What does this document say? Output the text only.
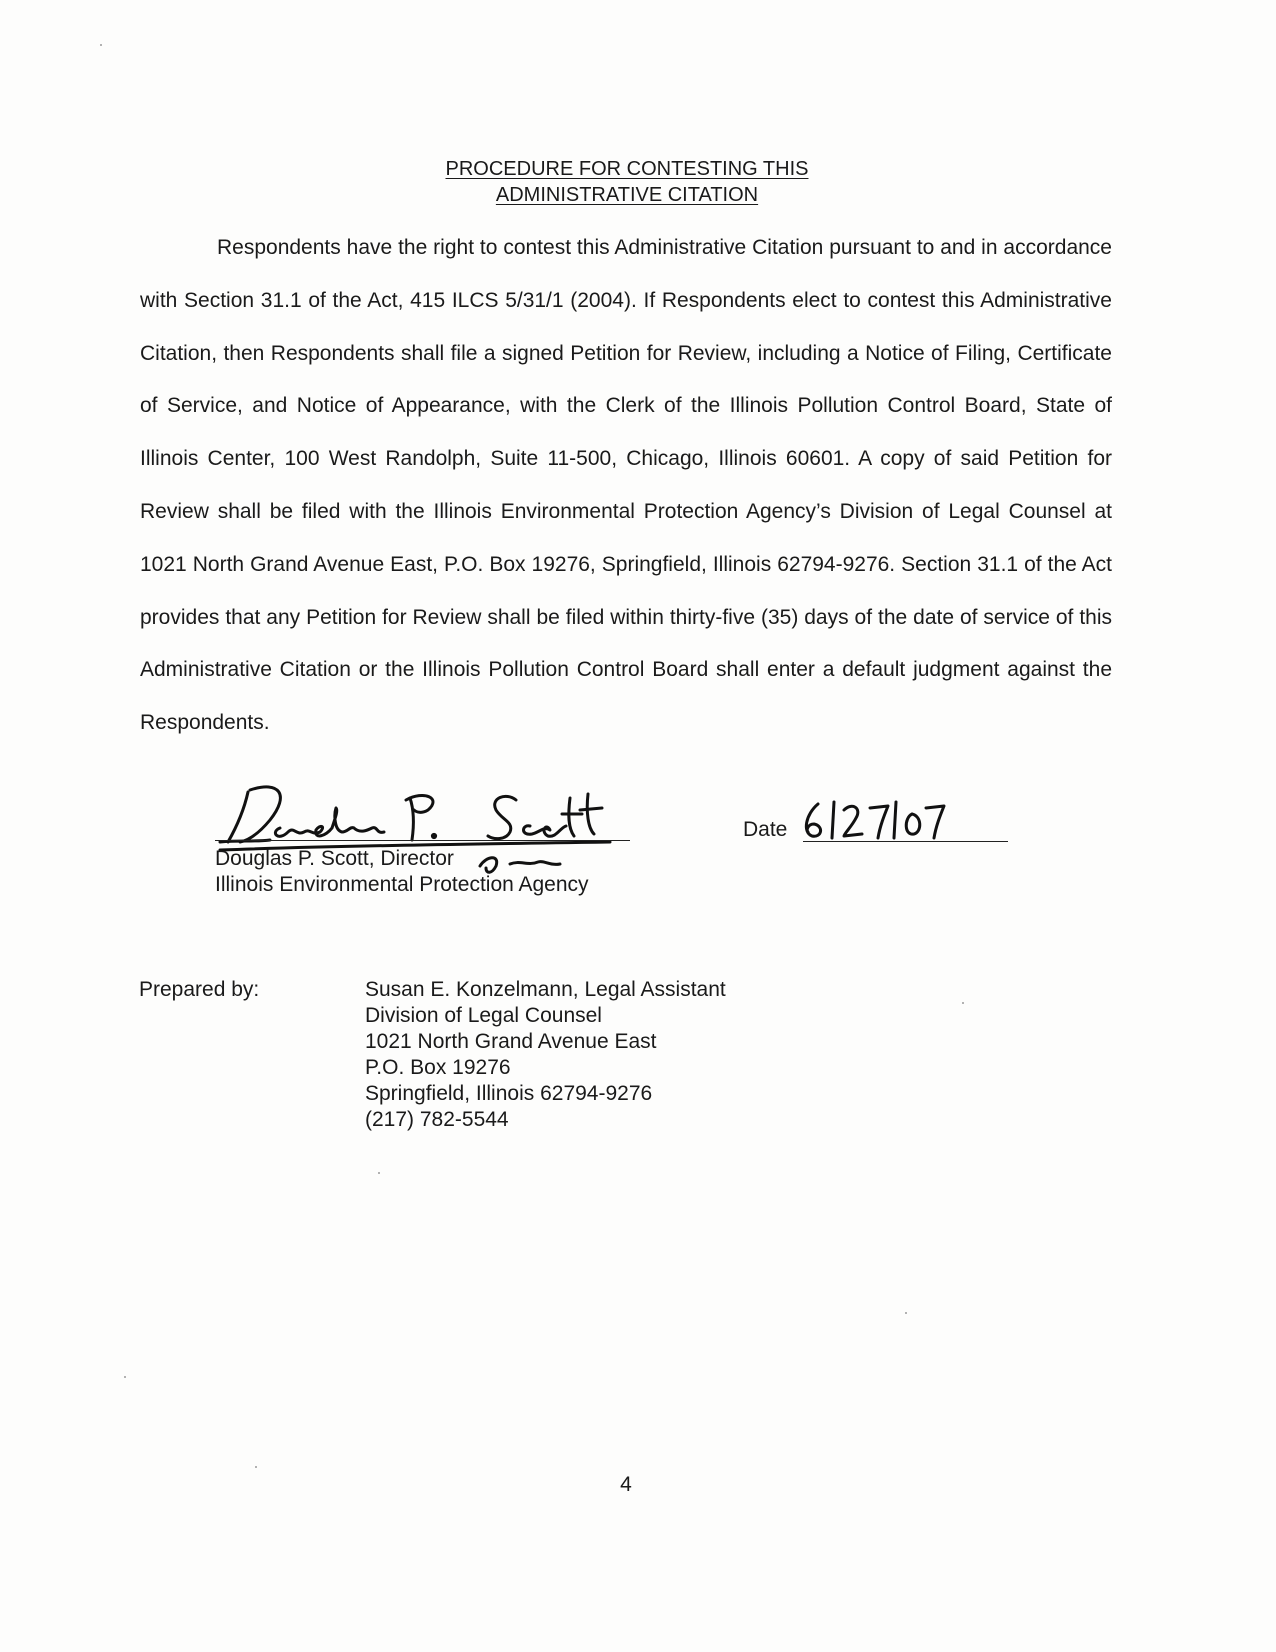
PROCEDURE FOR CONTESTING THIS
ADMINISTRATIVE CITATION

Respondents have the right to contest this Administrative Citation pursuant to and in accordance with Section 31.1 of the Act, 415 ILCS 5/31/1 (2004). If Respondents elect to contest this Administrative Citation, then Respondents shall file a signed Petition for Review, including a Notice of Filing, Certificate of Service, and Notice of Appearance, with the Clerk of the Illinois Pollution Control Board, State of Illinois Center, 100 West Randolph, Suite 11-500, Chicago, Illinois 60601. A copy of said Petition for Review shall be filed with the Illinois Environmental Protection Agency’s Division of Legal Counsel at 1021 North Grand Avenue East, P.O. Box 19276, Springfield, Illinois 62794-9276. Section 31.1 of the Act provides that any Petition for Review shall be filed within thirty-five (35) days of the date of service of this Administrative Citation or the Illinois Pollution Control Board shall enter a default judgment against the Respondents.

Douglas P. Scott, Director
Illinois Environmental Protection Agency
Date
Prepared by:	Susan E. Konzelmann, Legal Assistant
Division of Legal Counsel
1021 North Grand Avenue East
P.O. Box 19276
Springfield, Illinois 62794-9276
(217) 782-5544
4
